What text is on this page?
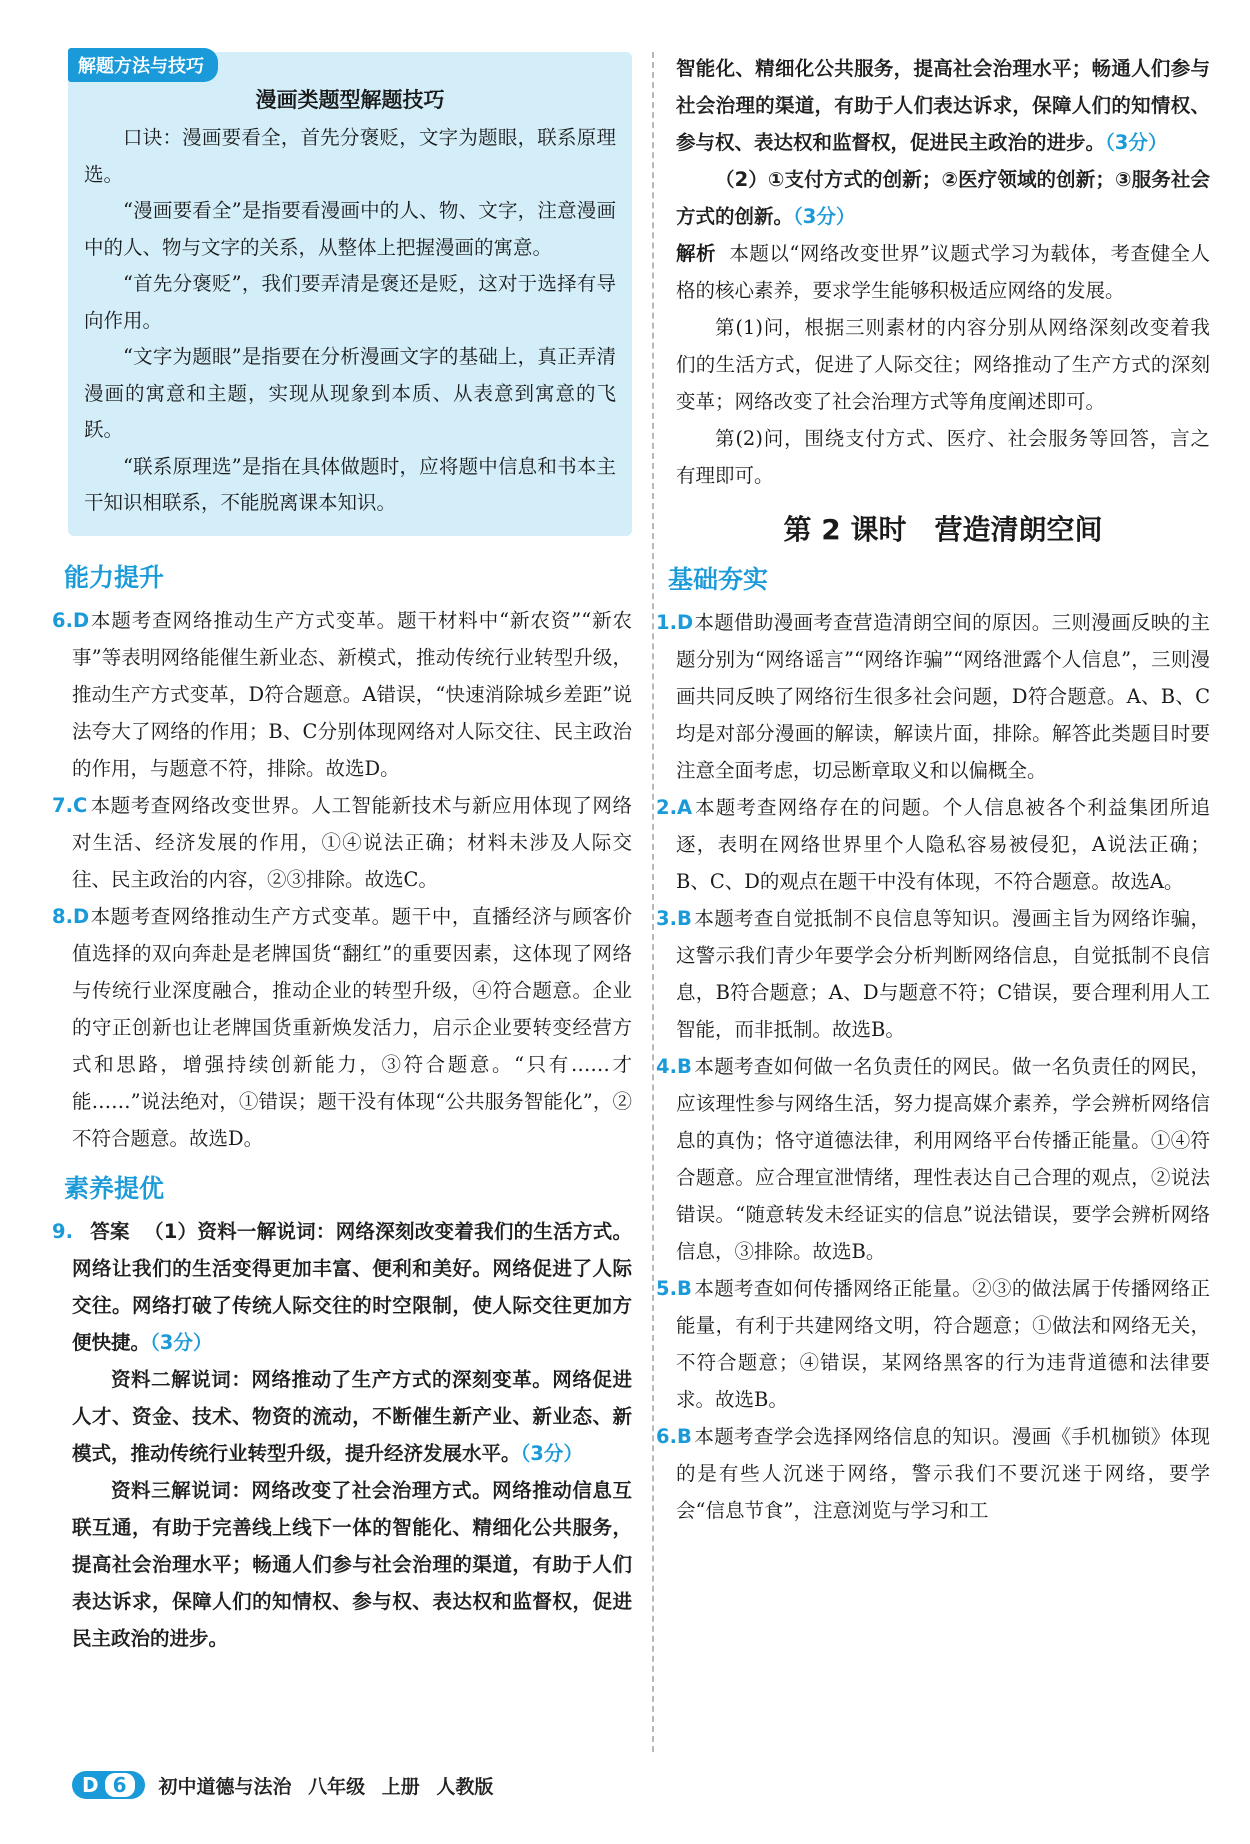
解题方法与技巧
漫画类题型解题技巧

口诀：漫画要看全，首先分褒贬，文字为题眼，联系原理选。

“漫画要看全”是指要看漫画中的人、物、文字，注意漫画中的人、物与文字的关系，从整体上把握漫画的寓意。

“首先分褒贬”，我们要弄清是褒还是贬，这对于选择有导向作用。

“文字为题眼”是指要在分析漫画文字的基础上，真正弄清漫画的寓意和主题，实现从现象到本质、从表意到寓意的飞跃。

“联系原理选”是指在具体做题时，应将题中信息和书本主干知识相联系，不能脱离课本知识。

能力提升

6.D本题考查网络推动生产方式变革。题干材料中“新农资”“新农事”等表明网络能催生新业态、新模式，推动传统行业转型升级，推动生产方式变革，D符合题意。A错误，“快速消除城乡差距”说法夸大了网络的作用；B、C分别体现网络对人际交往、民主政治的作用，与题意不符，排除。故选D。

7.C 本题考查网络改变世界。人工智能新技术与新应用体现了网络对生活、经济发展的作用，①④说法正确；材料未涉及人际交往、民主政治的内容，②③排除。故选C。

8.D本题考查网络推动生产方式变革。题干中，直播经济与顾客价值选择的双向奔赴是老牌国货“翻红”的重要因素，这体现了网络与传统行业深度融合，推动企业的转型升级，④符合题意。企业的守正创新也让老牌国货重新焕发活力，启示企业要转变经营方式和思路，增强持续创新能力，③符合题意。“只有……才能……”说法绝对，①错误；题干没有体现“公共服务智能化”，②不符合题意。故选D。

素养提优

9. 答案 （1）资料一解说词：网络深刻改变着我们的生活方式。网络让我们的生活变得更加丰富、便利和美好。网络促进了人际交往。网络打破了传统人际交往的时空限制，使人际交往更加方便快捷。（3分）

资料二解说词：网络推动了生产方式的深刻变革。网络促进人才、资金、技术、物资的流动，不断催生新产业、新业态、新模式，推动传统行业转型升级，提升经济发展水平。（3分）

资料三解说词：网络改变了社会治理方式。网络推动信息互联互通，有助于完善线上线下一体的智能化、精细化公共服务，提高社会治理水平；畅通人们参与社会治理的渠道，有助于人们表达诉求，保障人们的知情权、参与权、表达权和监督权，促进民主政治的进步。

智能化、精细化公共服务，提高社会治理水平；畅通人们参与社会治理的渠道，有助于人们表达诉求，保障人们的知情权、参与权、表达权和监督权，促进民主政治的进步。（3分）

（2）①支付方式的创新；②医疗领域的创新；③服务社会方式的创新。（3分）

解析 本题以“网络改变世界”议题式学习为载体，考查健全人格的核心素养，要求学生能够积极适应网络的发展。

第(1)问，根据三则素材的内容分别从网络深刻改变着我们的生活方式，促进了人际交往；网络推动了生产方式的深刻变革；网络改变了社会治理方式等角度阐述即可。

第(2)问，围绕支付方式、医疗、社会服务等回答，言之有理即可。

第 2 课时　营造清朗空间
基础夯实

1.D本题借助漫画考查营造清朗空间的原因。三则漫画反映的主题分别为“网络谣言”“网络诈骗”“网络泄露个人信息”，三则漫画共同反映了网络衍生很多社会问题，D符合题意。A、B、C均是对部分漫画的解读，解读片面，排除。解答此类题目时要注意全面考虑，切忌断章取义和以偏概全。

2.A本题考查网络存在的问题。个人信息被各个利益集团所追逐，表明在网络世界里个人隐私容易被侵犯，A说法正确；B、C、D的观点在题干中没有体现，不符合题意。故选A。

3.B 本题考查自觉抵制不良信息等知识。漫画主旨为网络诈骗，这警示我们青少年要学会分析判断网络信息，自觉抵制不良信息，B符合题意；A、D与题意不符；C错误，要合理利用人工智能，而非抵制。故选B。

4.B 本题考查如何做一名负责任的网民。做一名负责任的网民，应该理性参与网络生活，努力提高媒介素养，学会辨析网络信息的真伪；恪守道德法律，利用网络平台传播正能量。①④符合题意。应合理宣泄情绪，理性表达自己合理的观点，②说法错误。“随意转发未经证实的信息”说法错误，要学会辨析网络信息，③排除。故选B。

5.B 本题考查如何传播网络正能量。②③的做法属于传播网络正能量，有利于共建网络文明，符合题意；①做法和网络无关，不符合题意；④错误，某网络黑客的行为违背道德和法律要求。故选B。

6.B 本题考查学会选择网络信息的知识。漫画《手机枷锁》体现的是有些人沉迷于网络，警示我们不要沉迷于网络，要学会“信息节食”，注意浏览与学习和工

D 6	初中道德与法治 八年级 上册 人教版
